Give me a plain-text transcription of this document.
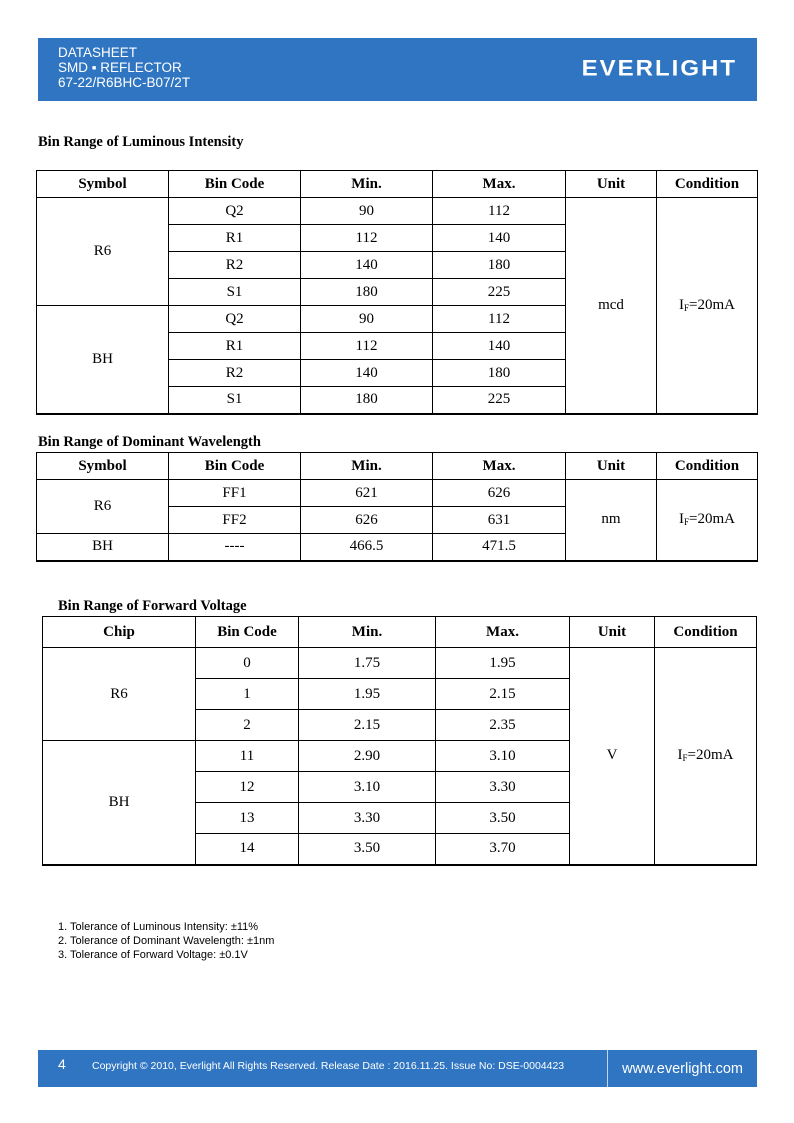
DATASHEET
SMD ▪ REFLECTOR
67-22/R6BHC-B07/2T
EVERLIGHT
Bin Range of Luminous Intensity
Symbol	Bin Code	Min.	Max.	Unit	Condition
R6	Q2	90	112	mcd	$I_F=20mA$
	R1	112	140		
	R2	140	180		
	S1	180	225		
BH	Q2	90	112		
	R1	112	140		
	R2	140	180		
	S1	180	225		
Bin Range of Dominant Wavelength
Symbol	Bin Code	Min.	Max.	Unit	Condition
R6	FF1	621	626	nm	$I_F=20mA$
	FF2	626	631		
BH	----	466.5	471.5		
Bin Range of Forward Voltage
Chip	Bin Code	Min.	Max.	Unit	Condition
R6	0	1.75	1.95	V	$I_F=20mA$
	1	1.95	2.15		
	2	2.15	2.35		
BH	11	2.90	3.10		
	12	3.10	3.30		
	13	3.30	3.50		
	14	3.50	3.70		
1. Tolerance of Luminous Intensity: ±11%
2. Tolerance of Dominant Wavelength: ±1nm
3. Tolerance of Forward Voltage: ±0.1V
4 Copyright © 2010, Everlight All Rights Reserved. Release Date : 2016.11.25. Issue No: DSE-0004423	www.everlight.com
